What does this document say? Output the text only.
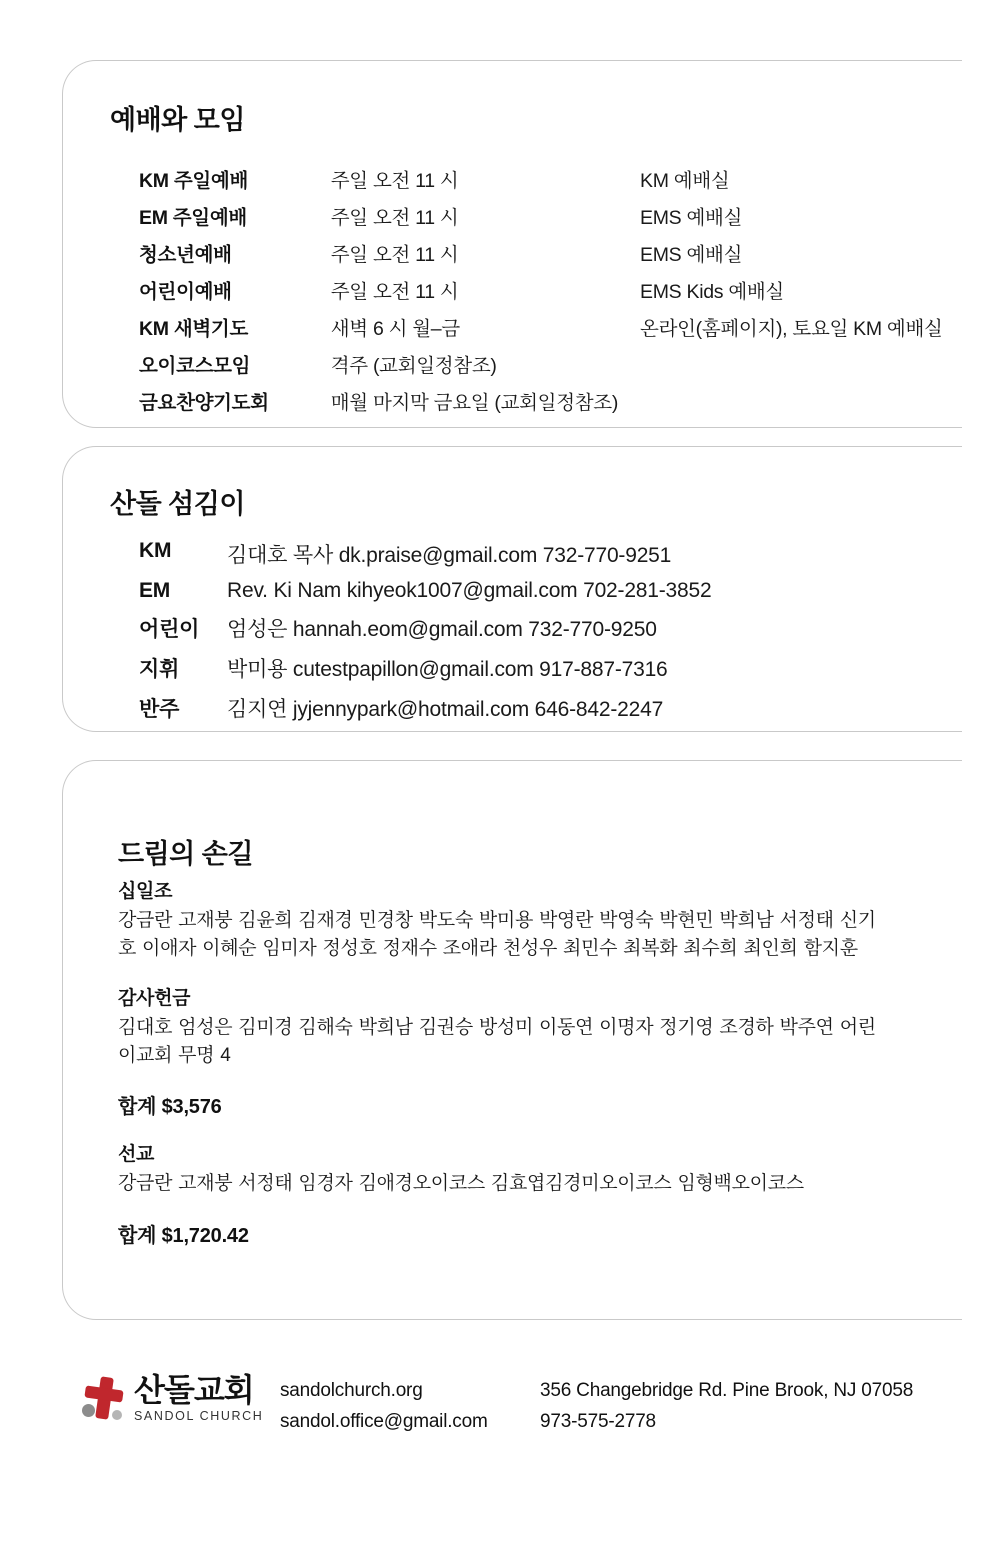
예배와 모임
KM 주일예배	주일 오전 11 시	KM 예배실
EM 주일예배	주일 오전 11 시	EMS 예배실
청소년예배	주일 오전 11 시	EMS 예배실
어린이예배	주일 오전 11 시	EMS Kids 예배실
KM 새벽기도	새벽 6 시 월–금	온라인(홈페이지), 토요일 KM 예배실
오이코스모임	격주 (교회일정참조)	
금요찬양기도회	매월 마지막 금요일 (교회일정참조)	
산돌 섬김이
KM	김대호 목사 dk.praise@gmail.com 732-770-9251
EM	Rev. Ki Nam kihyeok1007@gmail.com 702-281-3852
어린이	엄성은 hannah.eom@gmail.com 732-770-9250
지휘	박미용 cutestpapillon@gmail.com 917-887-7316
반주	김지연 jyjennypark@hotmail.com 646-842-2247
드림의 손길

십일조

강금란 고재붕 김윤희 김재경 민경창 박도숙 박미용 박영란 박영숙 박현민 박희남 서정태 신기호 이애자 이혜순 임미자 정성호 정재수 조애라 천성우 최민수 최복화 최수희 최인희 함지훈

감사헌금

김대호 엄성은 김미경 김해숙 박희남 김권승 방성미 이동연 이명자 정기영 조경하 박주연 어린이교회 무명 4

합계 $3,576

선교

강금란 고재붕 서정태 임경자 김애경오이코스 김효엽김경미오이코스 임형백오이코스

합계 $1,720.42

산돌교회
SANDOL CHURCH
sandolchurch.org
sandol.office@gmail.com
356 Changebridge Rd. Pine Brook, NJ 07058
973-575-2778
